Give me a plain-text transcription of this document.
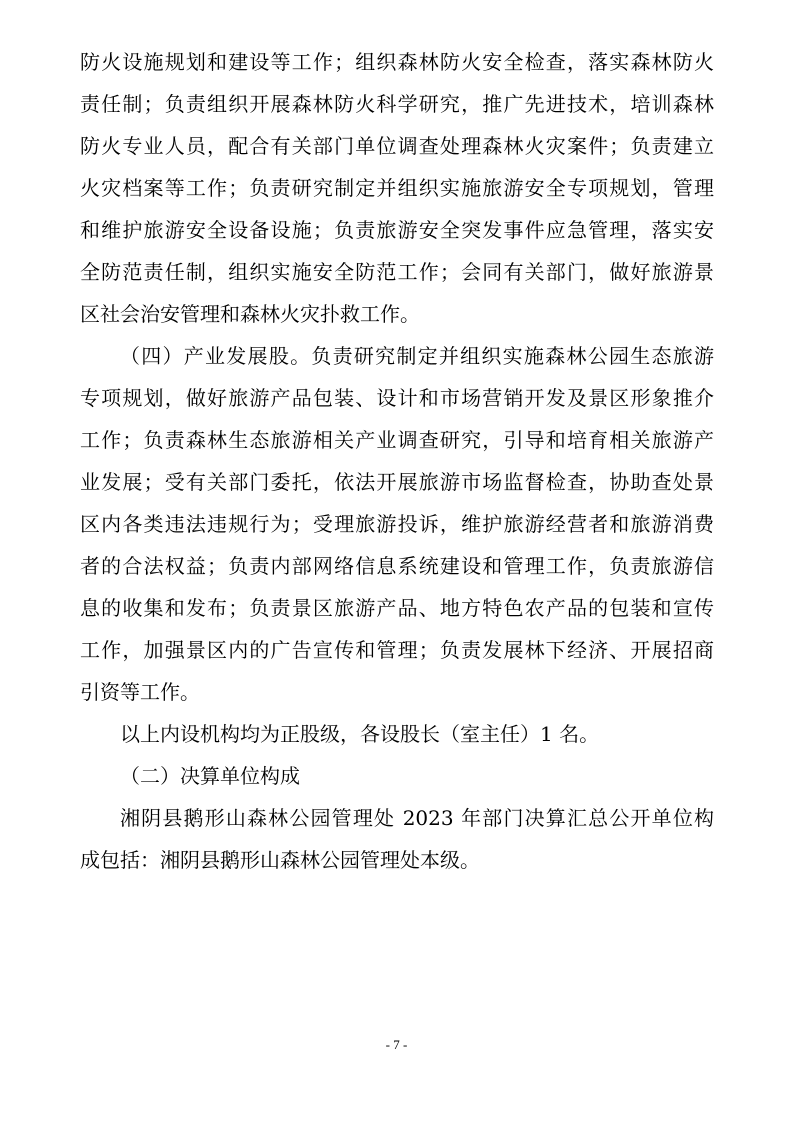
防火设施规划和建设等工作；组织森林防火安全检查，落实森林防火
责任制；负责组织开展森林防火科学研究，推广先进技术，培训森林
防火专业人员，配合有关部门单位调查处理森林火灾案件；负责建立
火灾档案等工作；负责研究制定并组织实施旅游安全专项规划，管理
和维护旅游安全设备设施；负责旅游安全突发事件应急管理，落实安
全防范责任制，组织实施安全防范工作；会同有关部门，做好旅游景
区社会治安管理和森林火灾扑救工作。
（四）产业发展股。负责研究制定并组织实施森林公园生态旅游
专项规划，做好旅游产品包装、设计和市场营销开发及景区形象推介
工作；负责森林生态旅游相关产业调查研究，引导和培育相关旅游产
业发展；受有关部门委托，依法开展旅游市场监督检查，协助查处景
区内各类违法违规行为；受理旅游投诉，维护旅游经营者和旅游消费
者的合法权益；负责内部网络信息系统建设和管理工作，负责旅游信
息的收集和发布；负责景区旅游产品、地方特色农产品的包装和宣传
工作，加强景区内的广告宣传和管理；负责发展林下经济、开展招商
引资等工作。
以上内设机构均为正股级，各设股长（室主任）1 名。
（二）决算单位构成
湘阴县鹅形山森林公园管理处 2023 年部门决算汇总公开单位构
成包括：湘阴县鹅形山森林公园管理处本级。
- 7 -
